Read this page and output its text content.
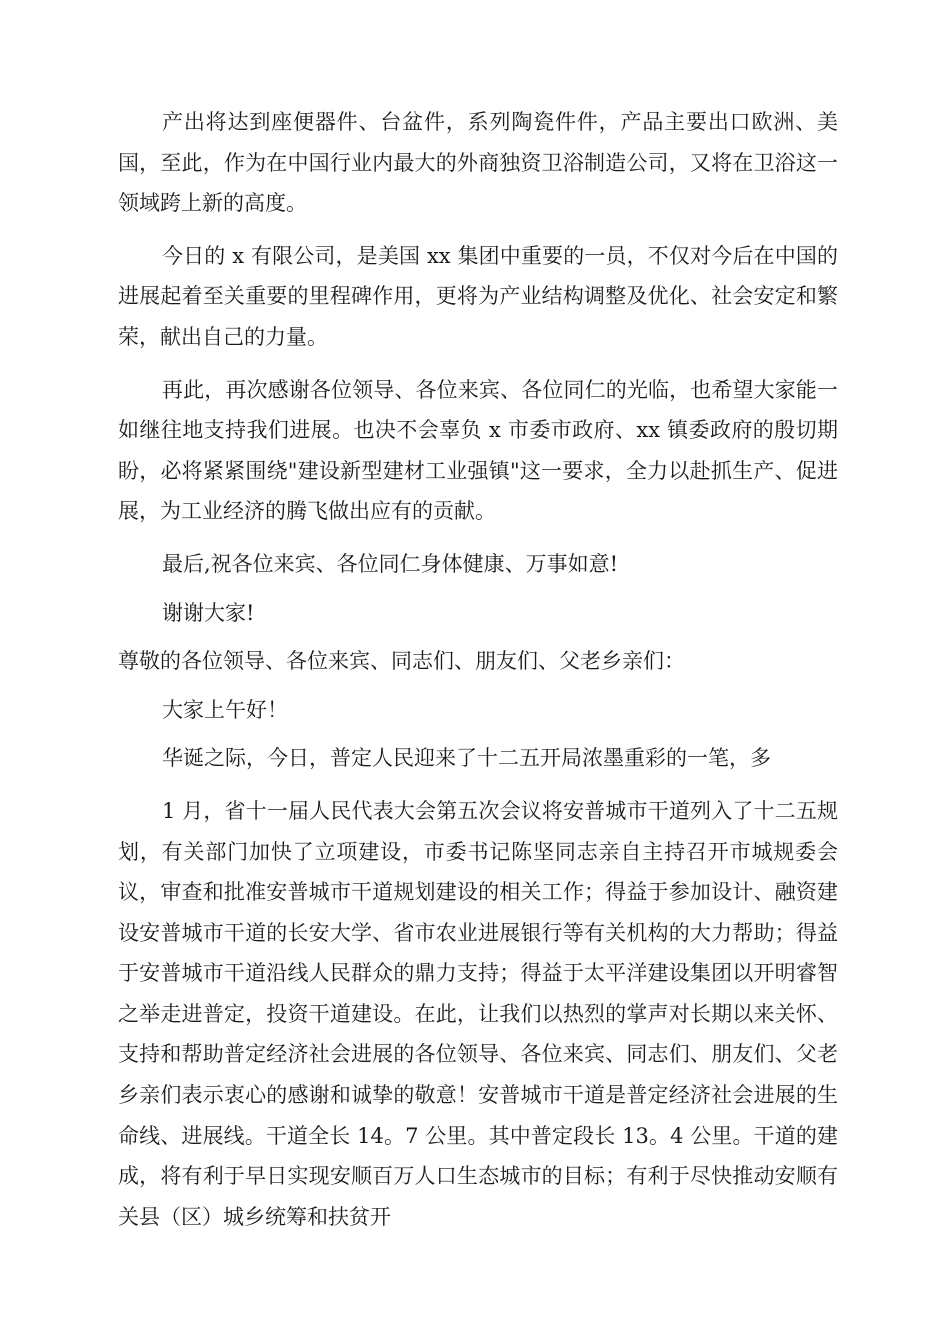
产出将达到座便器件、台盆件，系列陶瓷件件，产品主要出口欧洲、美国，至此，作为在中国行业内最大的外商独资卫浴制造公司，又将在卫浴这一领域跨上新的高度。

今日的 x 有限公司，是美国 xx 集团中重要的一员，不仅对今后在中国的进展起着至关重要的里程碑作用，更将为产业结构调整及优化、社会安定和繁荣，献出自己的力量。

再此，再次感谢各位领导、各位来宾、各位同仁的光临，也希望大家能一如继往地支持我们进展。也决不会辜负 x 市委市政府、xx 镇委政府的殷切期盼，必将紧紧围绕"建设新型建材工业强镇"这一要求，全力以赴抓生产、促进展，为工业经济的腾飞做出应有的贡献。

最后,祝各位来宾、各位同仁身体健康、万事如意!

谢谢大家!

尊敬的各位领导、各位来宾、同志们、朋友们、父老乡亲们：

大家上午好！

华诞之际，今日，普定人民迎来了十二五开局浓墨重彩的一笔，多

1 月，省十一届人民代表大会第五次会议将安普城市干道列入了十二五规划，有关部门加快了立项建设，市委书记陈坚同志亲自主持召开市城规委会议，审查和批准安普城市干道规划建设的相关工作；得益于参加设计、融资建设安普城市干道的长安大学、省市农业进展银行等有关机构的大力帮助；得益于安普城市干道沿线人民群众的鼎力支持；得益于太平洋建设集团以开明睿智之举走进普定，投资干道建设。在此，让我们以热烈的掌声对长期以来关怀、支持和帮助普定经济社会进展的各位领导、各位来宾、同志们、朋友们、父老乡亲们表示衷心的感谢和诚挚的敬意！安普城市干道是普定经济社会进展的生命线、进展线。干道全长 14。7 公里。其中普定段长 13。4 公里。干道的建成，将有利于早日实现安顺百万人口生态城市的目标；有利于尽快推动安顺有关县（区）城乡统筹和扶贫开
